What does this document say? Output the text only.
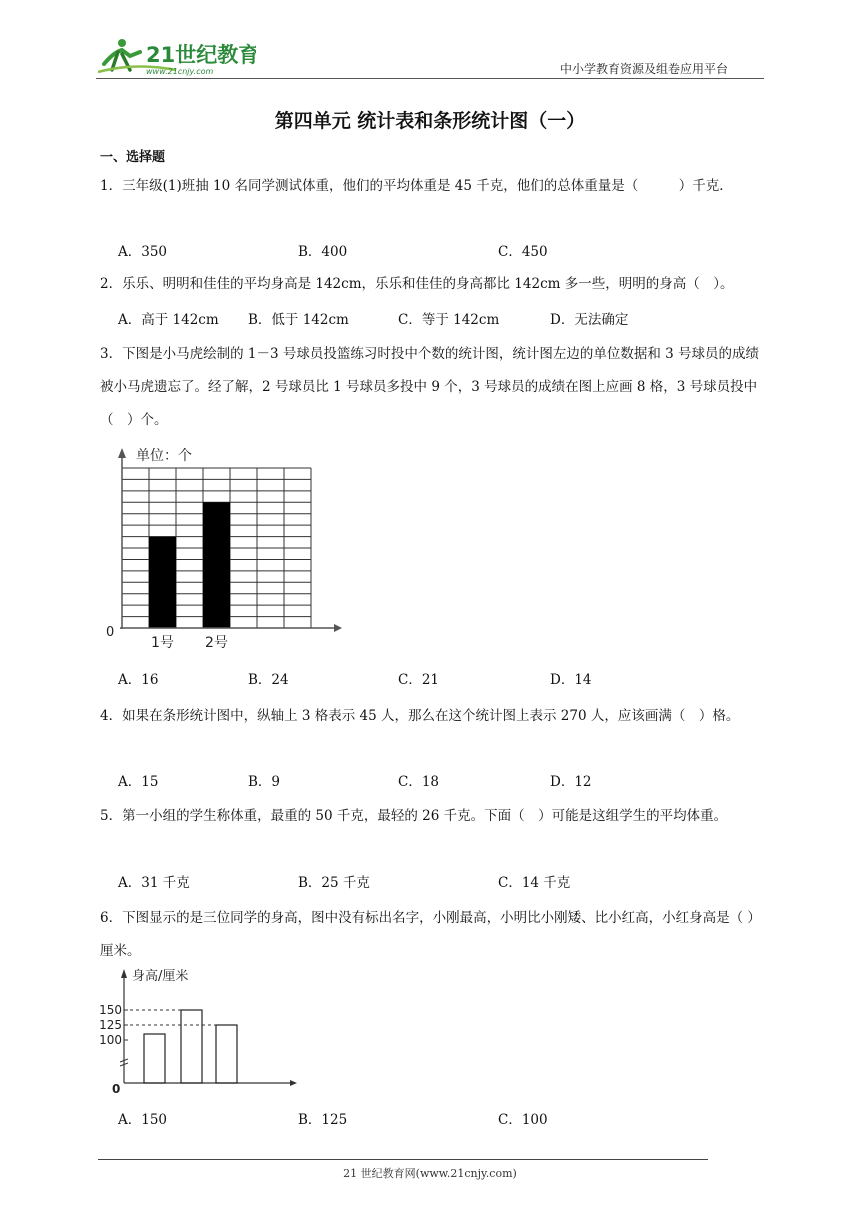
21世纪教育
www.21cnjy.com	中小学教育资源及组卷应用平台
第四单元 统计表和条形统计图（一）
一、选择题
1．三年级(1)班抽 10 名同学测试体重，他们的平均体重是 45 千克，他们的总体重量是（　　　）千克．
A．350	B．400	C．450
2．乐乐、明明和佳佳的平均身高是 142cm，乐乐和佳佳的身高都比 142cm 多一些，明明的身高（　）。
A．高于 142cm B．低于 142cm	C．等于 142cm	D．无法确定
3．下图是小马虎绘制的 1－3 号球员投篮练习时投中个数的统计图，统计图左边的单位数据和 3 号球员的成绩被小马虎遗忘了。经了解，2 号球员比 1 号球员多投中 9 个，3 号球员的成绩在图上应画 8 格，3 号球员投中（　）个。
单位：个
0
1号 2号
A．16	B．24	C．21	D．14
4．如果在条形统计图中，纵轴上 3 格表示 45 人，那么在这个统计图上表示 270 人，应该画满（　）格。
A．15	B．9	C．18	D．12
5．第一小组的学生称体重，最重的 50 千克，最轻的 26 千克。下面（　）可能是这组学生的平均体重。
A．31 千克	B．25 千克	C．14 千克
6．下图显示的是三位同学的身高，图中没有标出名字，小刚最高，小明比小刚矮、比小红高，小红身高是（ ）厘米。
身高/厘米
0
150
125
100
A．150	B．125	C．100
21 世纪教育网(www.21cnjy.com)
